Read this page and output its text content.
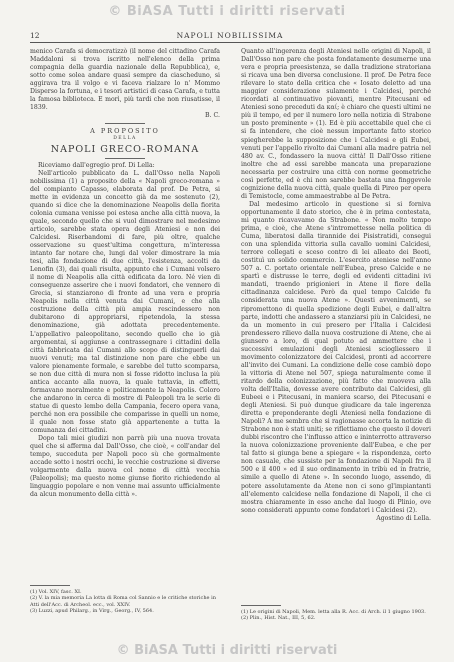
© BiASA Tutti i diritti riservati
12	NAPOLI NOBILISSIMA

menico Carafa si democratizzò (il nome del cittadino Carafa Maddaloni si trova iscritto nell'elenco della prima compagnia della guardia nazionale della Repubblica), e, sotto come solea andare quasi sempre da ciascheduno, si aggirava tra il volgo e vi faceva rialzare lo n' Mommo Disperso la fortuna, e i tesori artistici di casa Carafa, e tutta la famosa biblioteca. E morì, più tardi che non riusatisse, il 1839.

B. C.

A PROPOSITO

DELLA

NAPOLI GRECO-ROMANA

Riceviamo dall'egregio prof. Di Lella:

Nell'articolo pubblicato da L. dall'Osso nella Napoli nobilissima (1) a proposito della « Napoli greco-romana » del compianto Capasso, elaborata dal prof. De Petra, si mette in evidenza un concetto già da me sostenuto (2), quando si dice che la denominazione Neapolis della fiorita colonia cumana venisse poi estesa anche alla città nuova, la quale, secondo quello che si vuol dimostrare nel medesimo articolo, sarebbe stata opera degli Ateniesi e non dei Calcidesi. Riserbandomi di fare, più oltre, qualche osservazione su quest'ultima congettura, m'interessa intanto far notare che, lungi dal voler dimostrare la mia tesi, alla fondazione di due città, l'esistenza, accolti da Lenofin (3), dai quali risulta, appunto che i Cumani volsero il nome di Neapolis alla città edificata da loro. Né vien di conseguenze asserire che i nuovi fondatori, che vennero di Grecia, si stanziarono di fronte ad una vera e propria Neapolis nella città venuta dai Cumani, e che alla costruzione della città più ampia rescindessero non dubitarono di appropriarsi, ripetendola, la stessa denominazione, già adottata precedentemente. L'appellativo paleopolitano, secondo quello che io già argomentai, si aggiunse a contrassegnare i cittadini della città fabbricata dai Cumani allo scopo di distinguerli dai nuovi venuti; ma tal distinzione non pare che ebbe un valore pienamente formale, e sarebbe del tutto scomparsa, se non due città di mura non si fosse ridotto inclusa la più antica accanto alla nuova, la quale tuttavia, in effetti, formavano moralmente e politicamente la Neapolis. Coloro che andarono in cerca di mostre di Paleopoli tra le serie di statue di questo lembo della Campania, fecero opera vana, perché non era possibile che comparisse in quelli un nome, il quale non fosse stato già appartenente a tutta la comunanza dei cittadini.

Dopo tali miei giudizi non parrà più una nuova trovata quel che si afferma dal Dall'Osso, che cioè, « coll'andar del tempo, succeduta per Napoli poco sù che gormalmente accade sotto i nostri occhi, le vecchie costruzione si diverse volgarmente dalla nuova col nome di città vecchia (Paleopolis); ma questo nome giunse fiorito richiedendo al linguaggio popolare e non venne mai assunto ufficialmente da alcun monumento della città ».

(1) Vol. XIV, fasc. XI.
(2) V. la mia memoria La lotta di Roma col Sannio e le critiche storiche in Atti dell'Acc. di Archeol. ecc., vol. XXIV.
(3) Luzzi, apud Philarg., in Virg., Georg., IV, 564.

Quanto all'ingerenza degli Ateniesi nelle origini di Napoli, il Dall'Osso non pare che posta fondatamente desumerne una vera e propria preesistenza, se dalla tradizione stratoriana si ricava una ben diversa conclusione. Il prof. De Petra fece rilevare lo stato della critica che « Iosato deletto ad una maggior considerazione sulamente i Calcidesi, perché ricordati al continuativo piovanti, mentre Pitecusani ed Ateniesi sono preceduti da καί; è chiaro che questi ultimi ne più il tempo, ed per il numero loro nella notizia di Strabone un posto preminente » (1). Ed è più accettabile quel che ci si fa intendere, che cioè nessun importante fatto storico spiegherebbe la supposizione che i Calcidesi e gli Eubei, venuti per l'appello rivolto dai Cumani alla madre patria nel 480 av. C., fondassero la nuova città! Il Dall'Osso ritiene inoltre che ad essi sarebbe mancata una preparazione necessaria per costruire una città con norme geometriche così perfette, ed è chi non sarebbe bastata una finggevole cognizione della nuova città, quale quella di Pireo per opera di Temistocle, come ammaestrabbe al De Petra.

Dal medesimo articolo in questione si si forniva opportunamente il dato storico, che è in prima contestata, mi quanto ricavavamo da Strabone. « Non molto tempo prima, e cioè, che Atene s'intromettesse nella politica di Cuma, liberatosi dalla tirannide dei Pisistratidi, consegui con una splendida vittoria sulla cavallo uomini Calcidesi, terrore collegati e sceso contro di lei alleato dei Beoti, costituì un solido commercio. L'esercito ateniese nell'anno 507 a. C. portato orientale nell'Eubea, preso Calcide e ne spartì e distrusse le terre, degli ed evidenti cittadini ivi mandati, traendo prigionieri in Atene il fiore della cittadinanza calcidese. Però da quel tempo Calcide fu considerata una nuova Atene ». Questi avvenimenti, se ripromettono di quella spedizione degli Eubei, e dall'altra parte, indotti che andassero a stanziarsi più in Calcidesi, ne da un momento in cui presero per l'Italia i Calcidesi prendessero rilievo dalla nuova costruzione di Atene, che ai giunsero a loro, di qual potuto ad ammettere che i successivi emulazioni degli Ateniesi sciogliessero il movimento colonizzatore dei Calcidesi, pronti ad accorrere all'invito dei Cumani. La condizione delle cose cambiò dopo la vittoria di Atene nel 507, spiega naturalmente come il ritardo della colonizzazione, più fatto che muoveva alla volta dell'Italia, dovesse avere contributo dai Calcidesi, gli Eubeei e i Pitecusani, in maniera scarso, dei Pitecusani e degli Ateniesi. Si può dunque giudicare da tale ingerenza diretta e preponderante degli Ateniesi nella fondazione di Napoli? A me sembra che si ragionasse accorta la notizie di Strabone non è stati uniti; se riflettiamo che questo il doveri dubbi riscontro che l'influsso attico e ininterrotto attraverso la nuova colonizzazione proveniente dall'Eubea, e che per tal fatto si giunga bene a spiegare « la rispondenza, certo non casuale, che sussiste per la fondazione di Napoli fra il 500 e il 400 » ed il suo ordinamento in tribù ed in fratrie, simile a quello di Atene ». In secondo luogo, assendo, di potere assolutamente da Atene non ci sono gl'impiantanti all'elemento calcidese nella fondazione di Napoli, il che ci mostra chiaramente in esso anche dal luogo di Plinio, ove sono considerati appunto come fondatori i Calcidesi (2).

Agostino di Lella.

(1) Le origini di Napoli, Mem. letta alla R. Acc. di Arch. il 1 giugno 1903.
(2) Plin., Hist. Nat., III, 5, 62.
© BiASA Tutti i diritti riservati
